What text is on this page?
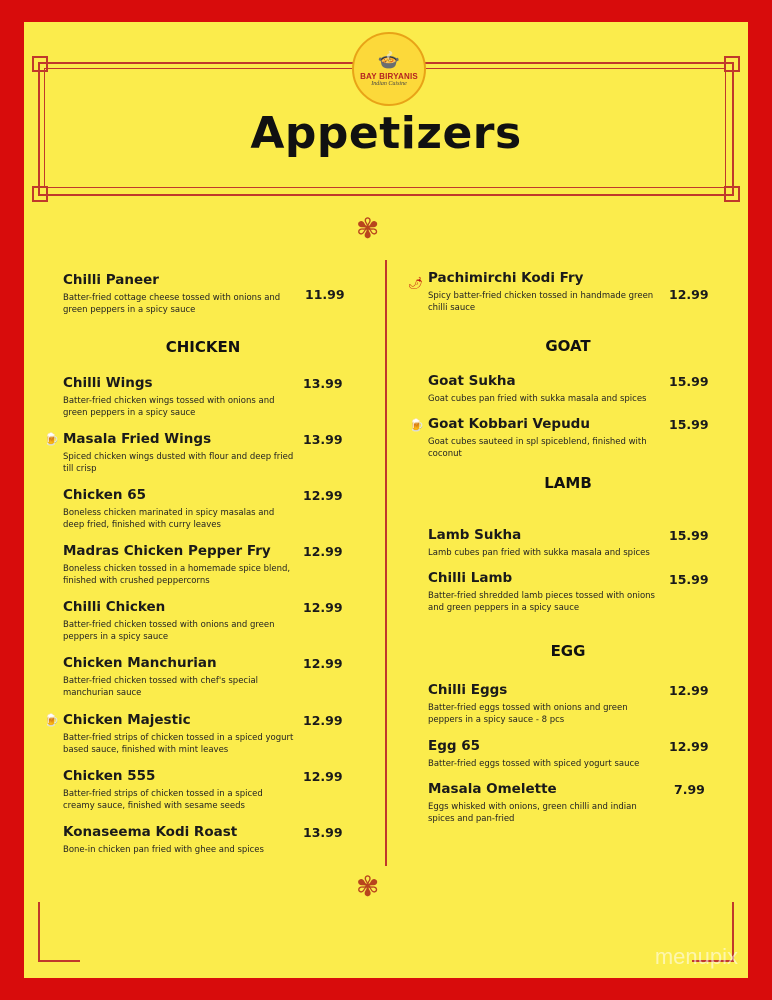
🍲
BAY BIRYANIS
Indian Cuisine
Appetizers
✾
✾
Chilli Paneer
Batter-fried cottage cheese tossed with onions and green peppers in a spicy sauce
11.99
CHICKEN
Chilli Wings
Batter-fried chicken wings tossed with onions and green peppers in a spicy sauce
13.99
🍺 Masala Fried Wings
Spiced chicken wings dusted with flour and deep fried till crisp
13.99
Chicken 65
Boneless chicken marinated in spicy masalas and deep fried, finished with curry leaves
12.99
Madras Chicken Pepper Fry
Boneless chicken tossed in a homemade spice blend, finished with crushed peppercorns
12.99
Chilli Chicken
Batter-fried chicken tossed with onions and green peppers in a spicy sauce
12.99
Chicken Manchurian
Batter-fried chicken tossed with chef's special manchurian sauce
12.99
🍺 Chicken Majestic
Batter-fried strips of chicken tossed in a spiced yogurt based sauce, finished with mint leaves
12.99
Chicken 555
Batter-fried strips of chicken tossed in a spiced creamy sauce, finished with sesame seeds
12.99
Konaseema Kodi Roast
Bone-in chicken pan fried with ghee and spices
13.99
🌶 Pachimirchi Kodi Fry
Spicy batter-fried chicken tossed in handmade green chilli sauce
12.99
GOAT
Goat Sukha
Goat cubes pan fried with sukka masala and spices
15.99
🍺 Goat Kobbari Vepudu
Goat cubes sauteed in spl spiceblend, finished with coconut
15.99
LAMB
Lamb Sukha
Lamb cubes pan fried with sukka masala and spices
15.99
Chilli Lamb
Batter-fried shredded lamb pieces tossed with onions and green peppers in a spicy sauce
15.99
EGG
Chilli Eggs
Batter-fried eggs tossed with onions and green peppers in a spicy sauce - 8 pcs
12.99
Egg 65
Batter-fried eggs tossed with spiced yogurt sauce
12.99
Masala Omelette
Eggs whisked with onions, green chilli and indian spices and pan-fried
7.99
menupix
